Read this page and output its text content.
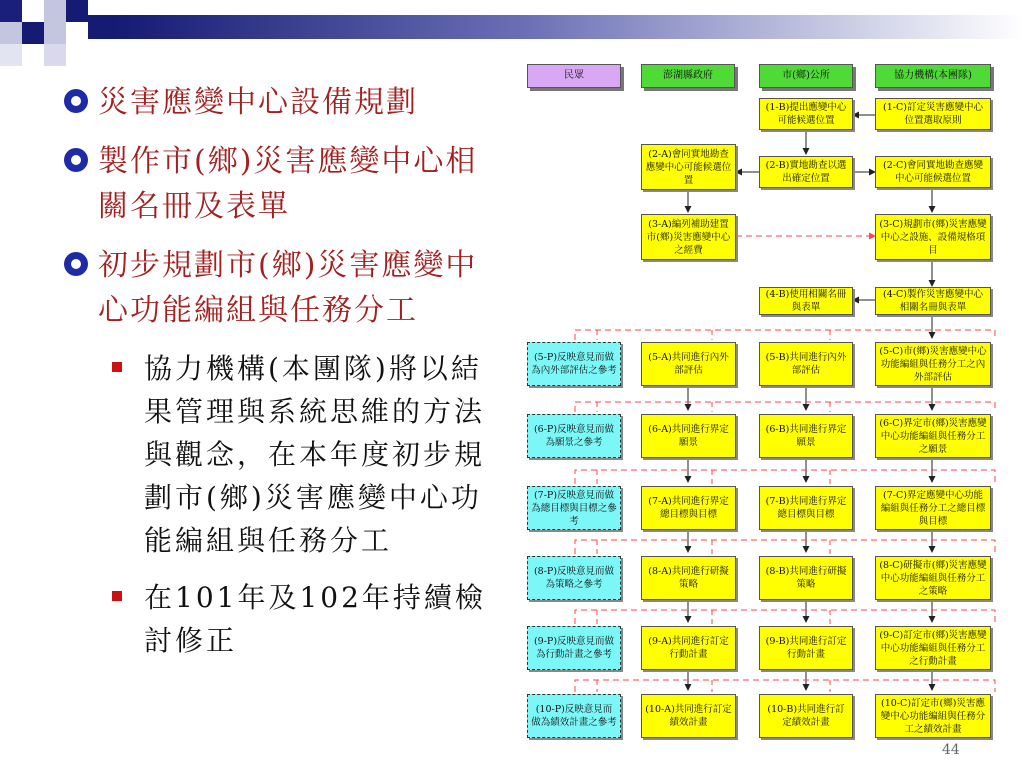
災害應變中心設備規劃
製作市(鄉)災害應變中心相關名冊及表單
初步規劃市(鄉)災害應變中心功能編組與任務分工
協力機構(本團隊)將以結果管理與系統思維的方法與觀念，在本年度初步規劃市(鄉)災害應變中心功能編組與任務分工
在101年及102年持續檢討修正
民眾	澎湖縣政府	市(鄉)公所	協力機構(本團隊)
(1-B)提出應變中心可能候選位置
(1-C)訂定災害應變中心位置選取原則
(2-A)會同實地勘查應變中心可能候選位置
(2-B)實地勘查以選出確定位置
(2-C)會同實地勘查應變中心可能候選位置
(3-A)編列補助建置市(鄉)災害應變中心之經費
(3-C)規劃市(鄉)災害應變中心之設施、設備規格項目
(4-B)使用相關名冊與表單
(4-C)製作災害應變中心相關名冊與表單
(5-P)反映意見而做為內外部評估之參考
(5-A)共同進行內外部評估
(5-B)共同進行內外部評估
(5-C)市(鄉)災害應變中心功能編組與任務分工之內外部評估
(6-P)反映意見而做為願景之參考
(6-A)共同進行界定願景
(6-B)共同進行界定願景
(6-C)界定市(鄉)災害應變中心功能編組與任務分工之願景
(7-P)反映意見而做為總目標與目標之參考
(7-A)共同進行界定總目標與目標
(7-B)共同進行界定總目標與目標
(7-C)界定應變中心功能編組與任務分工之總目標與目標
(8-P)反映意見而做為策略之參考
(8-A)共同進行研擬策略
(8-B)共同進行研擬策略
(8-C)研擬市(鄉)災害應變中心功能編組與任務分工之策略
(9-P)反映意見而做為行動計畫之參考
(9-A)共同進行訂定行動計畫
(9-B)共同進行訂定行動計畫
(9-C)訂定市(鄉)災害應變中心功能編組與任務分工之行動計畫
(10-P)反映意見而做為績效計畫之參考
(10-A)共同進行訂定績效計畫
(10-B)共同進行訂定績效計畫
(10-C)訂定市(鄉)災害應變中心功能編組與任務分工之績效計畫
44
